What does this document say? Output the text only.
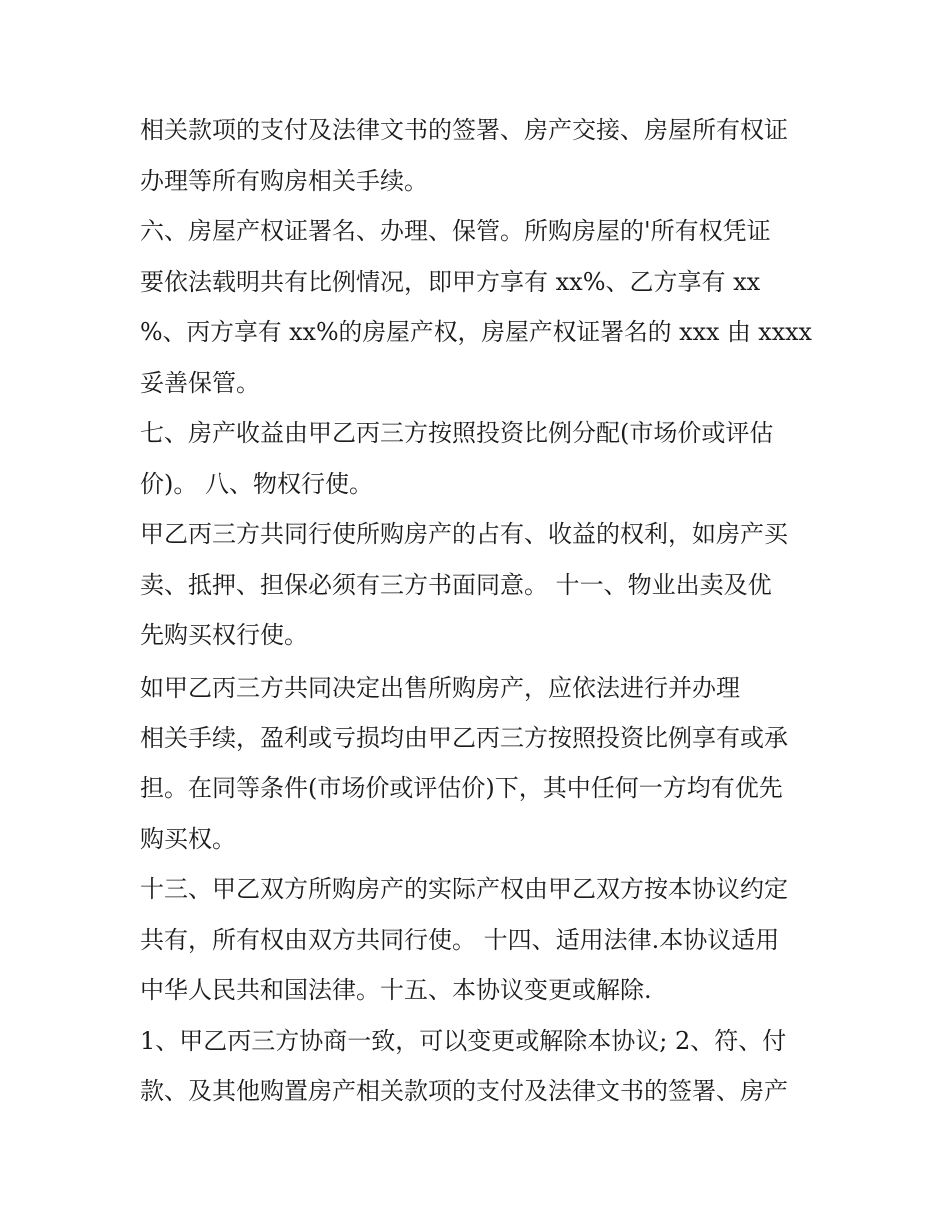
相关款项的支付及法律文书的签署、房产交接、房屋所有权证

办理等所有购房相关手续。

六、房屋产权证署名、办理、保管。所购房屋的'所有权凭证

要依法载明共有比例情况，即甲方享有 xx%、乙方享有 xx

%、丙方享有 xx%的房屋产权，房屋产权证署名的 xxx 由 xxxx

妥善保管。

七、房产收益由甲乙丙三方按照投资比例分配(市场价或评估

价)。 八、物权行使。

甲乙丙三方共同行使所购房产的占有、收益的权利，如房产买

卖、抵押、担保必须有三方书面同意。 十一、物业出卖及优

先购买权行使。

如甲乙丙三方共同决定出售所购房产，应依法进行并办理

相关手续，盈利或亏损均由甲乙丙三方按照投资比例享有或承

担。在同等条件(市场价或评估价)下，其中任何一方均有优先

购买权。

十三、甲乙双方所购房产的实际产权由甲乙双方按本协议约定

共有，所有权由双方共同行使。 十四、适用法律.本协议适用

中华人民共和国法律。十五、本协议变更或解除.

1、甲乙丙三方协商一致，可以变更或解除本协议; 2、符、付

款、及其他购置房产相关款项的支付及法律文书的签署、房产
